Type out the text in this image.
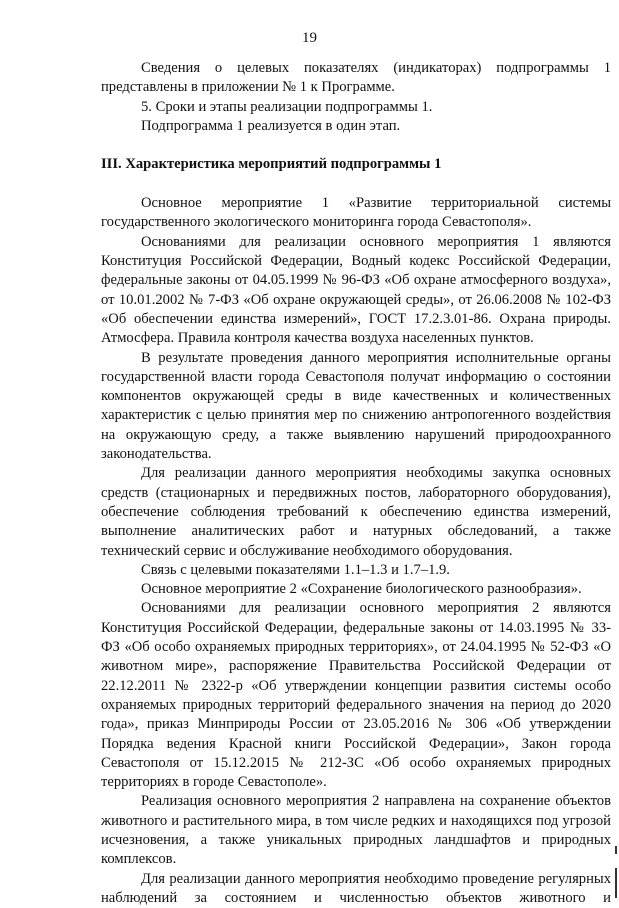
19

Сведения о целевых показателях (индикаторах) подпрограммы 1 представлены в приложении № 1 к Программе.

5. Сроки и этапы реализации подпрограммы 1.

Подпрограмма 1 реализуется в один этап.

III. Характеристика мероприятий подпрограммы 1

Основное мероприятие 1 «Развитие территориальной системы государственного экологического мониторинга города Севастополя».

Основаниями для реализации основного мероприятия 1 являются Конституция Российской Федерации, Водный кодекс Российской Федерации, федеральные законы от 04.05.1999 № 96-ФЗ «Об охране атмосферного воздуха», от 10.01.2002 № 7-ФЗ «Об охране окружающей среды», от 26.06.2008 № 102-ФЗ «Об обеспечении единства измерений», ГОСТ 17.2.3.01-86. Охрана природы. Атмосфера. Правила контроля качества воздуха населенных пунктов.

В результате проведения данного мероприятия исполнительные органы государственной власти города Севастополя получат информацию о состоянии компонентов окружающей среды в виде качественных и количественных характеристик с целью принятия мер по снижению антропогенного воздействия на окружающую среду, а также выявлению нарушений природоохранного законодательства.

Для реализации данного мероприятия необходимы закупка основных средств (стационарных и передвижных постов, лабораторного оборудования), обеспечение соблюдения требований к обеспечению единства измерений, выполнение аналитических работ и натурных обследований, а также технический сервис и обслуживание необходимого оборудования.

Связь с целевыми показателями 1.1–1.3 и 1.7–1.9.

Основное мероприятие 2 «Сохранение биологического разнообразия».

Основаниями для реализации основного мероприятия 2 являются Конституция Российской Федерации, федеральные законы от 14.03.1995 № 33-ФЗ «Об особо охраняемых природных территориях», от 24.04.1995 № 52-ФЗ «О животном мире», распоряжение Правительства Российской Федерации от 22.12.2011 № 2322-р «Об утверждении концепции развития системы особо охраняемых природных территорий федерального значения на период до 2020 года», приказ Минприроды России от 23.05.2016 № 306 «Об утверждении Порядка ведения Красной книги Российской Федерации», Закон города Севастополя от 15.12.2015 № 212-ЗС «Об особо охраняемых природных территориях в городе Севастополе».

Реализация основного мероприятия 2 направлена на сохранение объектов животного и растительного мира, в том числе редких и находящихся под угрозой исчезновения, а также уникальных природных ландшафтов и природных комплексов.

Для реализации данного мероприятия необходимо проведение регулярных наблюдений за состоянием и численностью объектов животного и
